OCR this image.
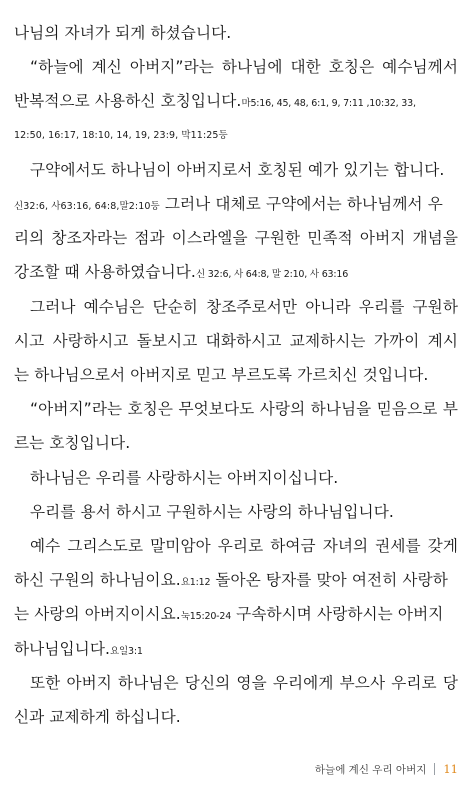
나님의 자녀가 되게 하셨습니다.
“하늘에 계신 아버지”라는 하나님에 대한 호칭은 예수님께서
반복적으로 사용하신 호칭입니다.마5:16, 45, 48, 6:1, 9, 7:11 ,10:32, 33,
12:50, 16:17, 18:10, 14, 19, 23:9, 막11:25등
구약에서도 하나님이 아버지로서 호칭된 예가 있기는 합니다.
신32:6, 사63:16, 64:8,말2:10등 그러나 대체로 구약에서는 하나님께서 우
리의 창조자라는 점과 이스라엘을 구원한 민족적 아버지 개념을
강조할 때 사용하였습니다.신 32:6, 사 64:8, 말 2:10, 사 63:16
그러나 예수님은 단순히 창조주로서만 아니라 우리를 구원하
시고 사랑하시고 돌보시고 대화하시고 교제하시는 가까이 계시
는 하나님으로서 아버지로 믿고 부르도록 가르치신 것입니다.
“아버지”라는 호칭은 무엇보다도 사랑의 하나님을 믿음으로 부
르는 호칭입니다.
하나님은 우리를 사랑하시는 아버지이십니다.
우리를 용서 하시고 구원하시는 사랑의 하나님입니다.
예수 그리스도로 말미암아 우리로 하여금 자녀의 권세를 갖게
하신 구원의 하나님이요.요1:12 돌아온 탕자를 맞아 여전히 사랑하
는 사랑의 아버지이시요.눅15:20-24 구속하시며 사랑하시는 아버지
하나님입니다.요일3:1
또한 아버지 하나님은 당신의 영을 우리에게 부으사 우리로 당
신과 교제하게 하십니다.
하늘에 계신 우리 아버지 11
